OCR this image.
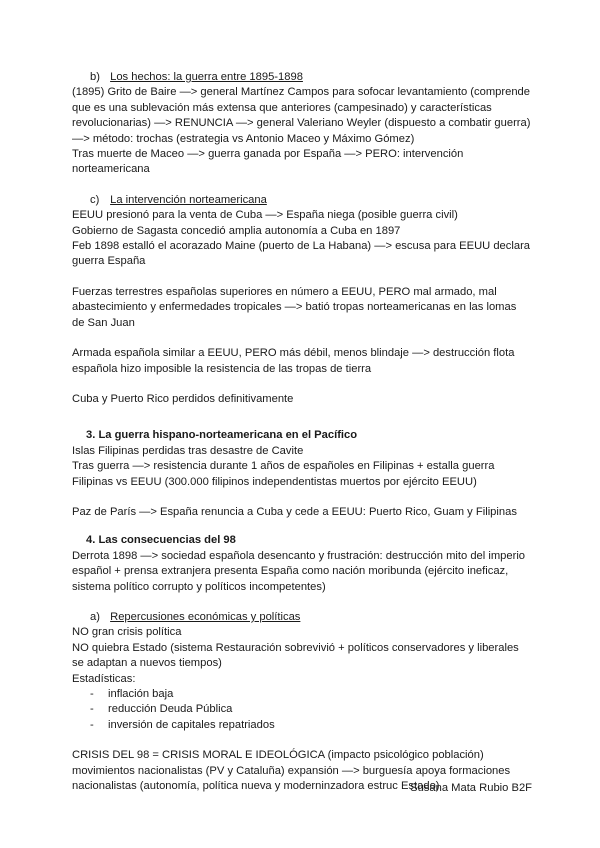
b) Los hechos: la guerra entre 1895-1898
(1895) Grito de Baire —> general Martínez Campos para sofocar levantamiento (comprende
que es una sublevación más extensa que anteriores (campesinado) y características
revolucionarias) —> RENUNCIA —> general Valeriano Weyler (dispuesto a combatir guerra)
—> método: trochas (estrategia vs Antonio Maceo y Máximo Gómez)
Tras muerte de Maceo —> guerra ganada por España —> PERO: intervención
norteamericana
c) La intervención norteamericana
EEUU presionó para la venta de Cuba —> España niega (posible guerra civil)
Gobierno de Sagasta concedió amplia autonomía a Cuba en 1897
Feb 1898 estalló el acorazado Maine (puerto de La Habana) —> escusa para EEUU declara
guerra España
Fuerzas terrestres españolas superiores en número a EEUU, PERO mal armado, mal
abastecimiento y enfermedades tropicales —> batió tropas norteamericanas en las lomas
de San Juan
Armada española similar a EEUU, PERO más débil, menos blindaje —> destrucción flota
española hizo imposible la resistencia de las tropas de tierra
Cuba y Puerto Rico perdidos definitivamente
3. La guerra hispano-norteamericana en el Pacífico
Islas Filipinas perdidas tras desastre de Cavite
Tras guerra —> resistencia durante 1 años de españoles en Filipinas + estalla guerra
Filipinas vs EEUU (300.000 filipinos independentistas muertos por ejército EEUU)
Paz de París —> España renuncia a Cuba y cede a EEUU: Puerto Rico, Guam y Filipinas
4. Las consecuencias del 98
Derrota 1898 —> sociedad española desencanto y frustración: destrucción mito del imperio
español + prensa extranjera presenta España como nación moribunda (ejército ineficaz,
sistema político corrupto y políticos incompetentes)
a) Repercusiones económicas y políticas
NO gran crisis política
NO quiebra Estado (sistema Restauración sobrevivió + políticos conservadores y liberales
se adaptan a nuevos tiempos)
Estadísticas:
- inflación baja
- reducción Deuda Pública
- inversión de capitales repatriados
CRISIS DEL 98 = CRISIS MORAL E IDEOLÓGICA (impacto psicológico población)
movimientos nacionalistas (PV y Cataluña) expansión —> burguesía apoya formaciones
nacionalistas (autonomía, política nueva y moderninzadora estruc Estado)
Susana Mata Rubio B2F
